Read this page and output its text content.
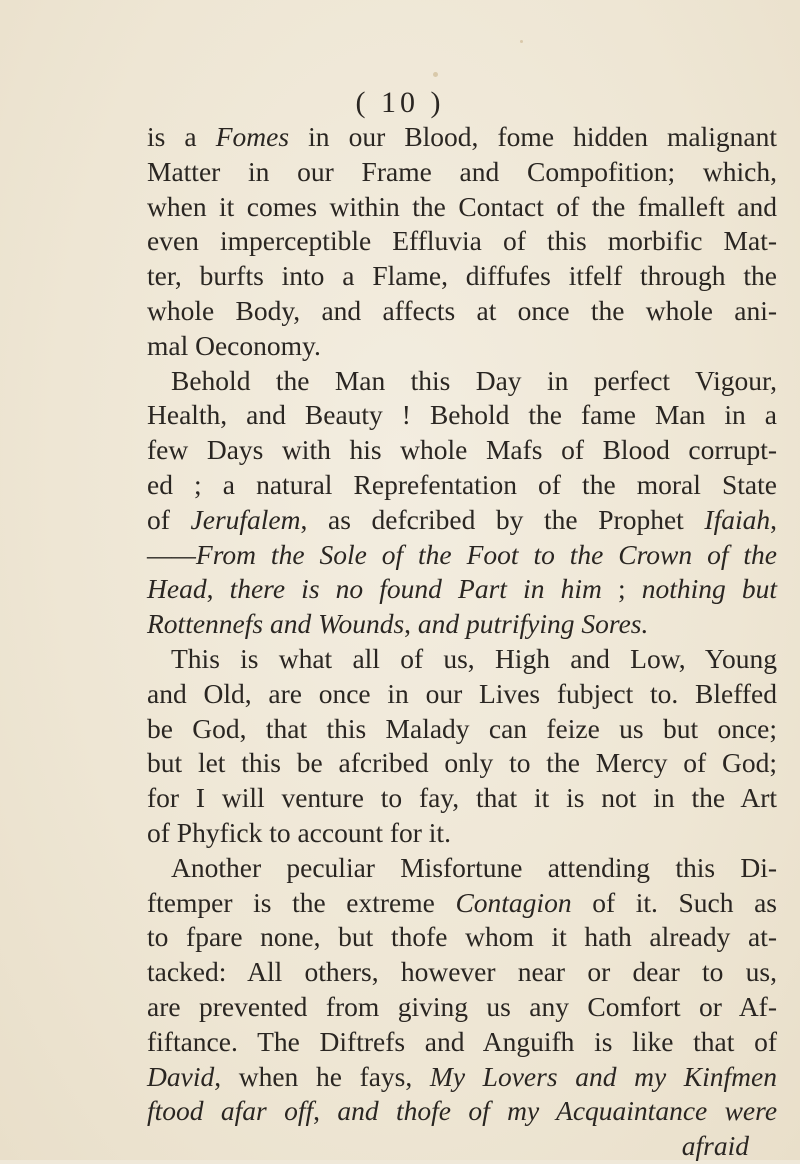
( 10 )
is a Fomes in our Blood, fome hidden malignant
Matter in our Frame and Compofition; which,
when it comes within the Contact of the fmalleft and
even imperceptible Effluvia of this morbific Mat-
ter, burfts into a Flame, diffufes itfelf through the
whole Body, and affects at once the whole ani-
mal Oeconomy.
Behold the Man this Day in perfect Vigour,
Health, and Beauty ! Behold the fame Man in a
few Days with his whole Mafs of Blood corrupt-
ed ; a natural Reprefentation of the moral State
of Jerufalem, as defcribed by the Prophet Ifaiah,
——From the Sole of the Foot to the Crown of the
Head, there is no found Part in him ; nothing but
Rottennefs and Wounds, and putrifying Sores.
This is what all of us, High and Low, Young
and Old, are once in our Lives fubject to. Bleffed
be God, that this Malady can feize us but once;
but let this be afcribed only to the Mercy of God;
for I will venture to fay, that it is not in the Art
of Phyfick to account for it.
Another peculiar Misfortune attending this Di-
ftemper is the extreme Contagion of it. Such as
to fpare none, but thofe whom it hath already at-
tacked: All others, however near or dear to us,
are prevented from giving us any Comfort or Af-
fiftance. The Diftrefs and Anguifh is like that of
David, when he fays, My Lovers and my Kinfmen
ftood afar off, and thofe of my Acquaintance were
afraid
